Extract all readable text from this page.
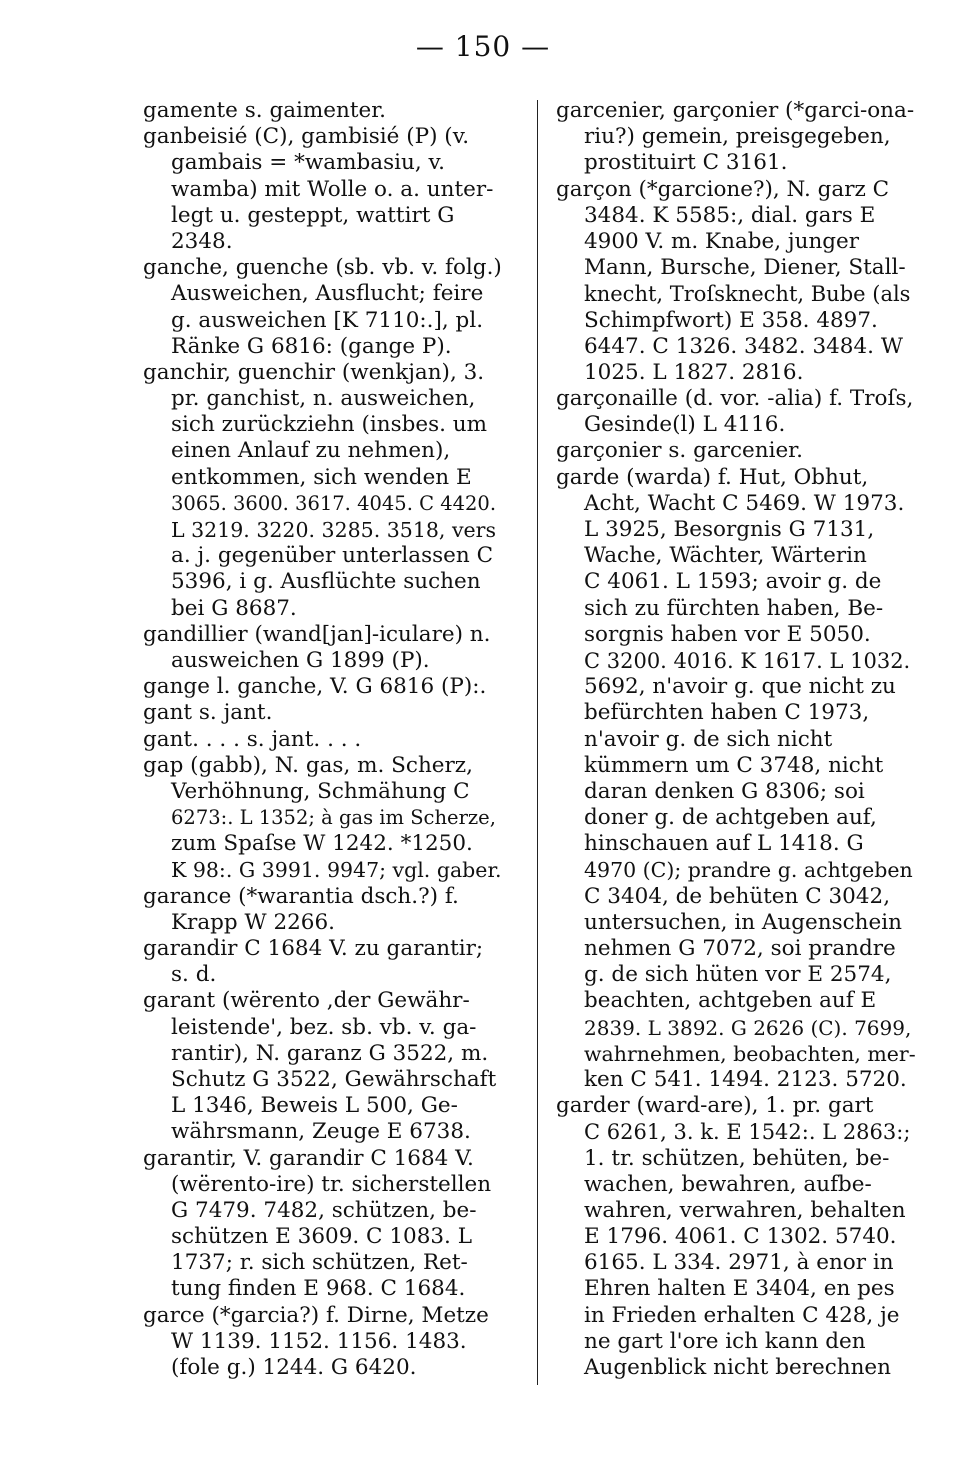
— 150 —
gamente s. gaimenter.
ganbeisié (C), gambisié (P) (v.
gambais = *wambasiu, v.
wamba) mit Wolle o. a. unter-
legt u. gesteppt, wattirt G
2348.
ganche, guenche (sb. vb. v. folg.)
Ausweichen, Ausflucht; feire
g. ausweichen [K 7110:.], pl.
Ränke G 6816: (gange P).
ganchir, guenchir (wenkjan), 3.
pr. ganchist, n. ausweichen,
sich zurückziehn (insbes. um
einen Anlauf zu nehmen),
entkommen, sich wenden E
3065. 3600. 3617. 4045. C 4420.
L 3219. 3220. 3285. 3518, vers
a. j. gegenüber unterlassen C
5396, i g. Ausflüchte suchen
bei G 8687.
gandillier (wand[jan]-iculare) n.
ausweichen G 1899 (P).
gange l. ganche, V. G 6816 (P):.
gant s. jant.
gant. . . . s. jant. . . .
gap (gabb), N. gas, m. Scherz,
Verhöhnung, Schmähung C
6273:. L 1352; à gas im Scherze,
zum Spaſse W 1242. *1250.
K 98:. G 3991. 9947; vgl. gaber.
garance (*warantia dsch.?) f.
Krapp W 2266.
garandir C 1684 V. zu garantir;
s. d.
garant (wërento ,der Gewähr-
leistende', bez. sb. vb. v. ga-
rantir), N. garanz G 3522, m.
Schutz G 3522, Gewährschaft
L 1346, Beweis L 500, Ge-
währsmann, Zeuge E 6738.
garantir, V. garandir C 1684 V.
(wërento-ire) tr. sicherstellen
G 7479. 7482, schützen, be-
schützen E 3609. C 1083. L
1737; r. sich schützen, Ret-
tung finden E 968. C 1684.
garce (*garcia?) f. Dirne, Metze
W 1139. 1152. 1156. 1483.
(fole g.) 1244. G 6420.
garcenier, garçonier (*garci-ona-
riu?) gemein, preisgegeben,
prostituirt C 3161.
garçon (*garcione?), N. garz C
3484. K 5585:, dial. gars E
4900 V. m. Knabe, junger
Mann, Bursche, Diener, Stall-
knecht, Troſsknecht, Bube (als
Schimpfwort) E 358. 4897.
6447. C 1326. 3482. 3484. W
1025. L 1827. 2816.
garçonaille (d. vor. -alia) f. Troſs,
Gesinde(l) L 4116.
garçonier s. garcenier.
garde (warda) f. Hut, Obhut,
Acht, Wacht C 5469. W 1973.
L 3925, Besorgnis G 7131,
Wache, Wächter, Wärterin
C 4061. L 1593; avoir g. de
sich zu fürchten haben, Be-
sorgnis haben vor E 5050.
C 3200. 4016. K 1617. L 1032.
5692, n'avoir g. que nicht zu
befürchten haben C 1973,
n'avoir g. de sich nicht
kümmern um C 3748, nicht
daran denken G 8306; soi
doner g. de achtgeben auf,
hinschauen auf L 1418. G
4970 (C); prandre g. achtgeben
C 3404, de behüten C 3042,
untersuchen, in Augenschein
nehmen G 7072, soi prandre
g. de sich hüten vor E 2574,
beachten, achtgeben auf E
2839. L 3892. G 2626 (C). 7699,
wahrnehmen, beobachten, mer-
ken C 541. 1494. 2123. 5720.
garder (ward-are), 1. pr. gart
C 6261, 3. k. E 1542:. L 2863:;
1. tr. schützen, behüten, be-
wachen, bewahren, aufbe-
wahren, verwahren, behalten
E 1796. 4061. C 1302. 5740.
6165. L 334. 2971, à enor in
Ehren halten E 3404, en pes
in Frieden erhalten C 428, je
ne gart l'ore ich kann den
Augenblick nicht berechnen
